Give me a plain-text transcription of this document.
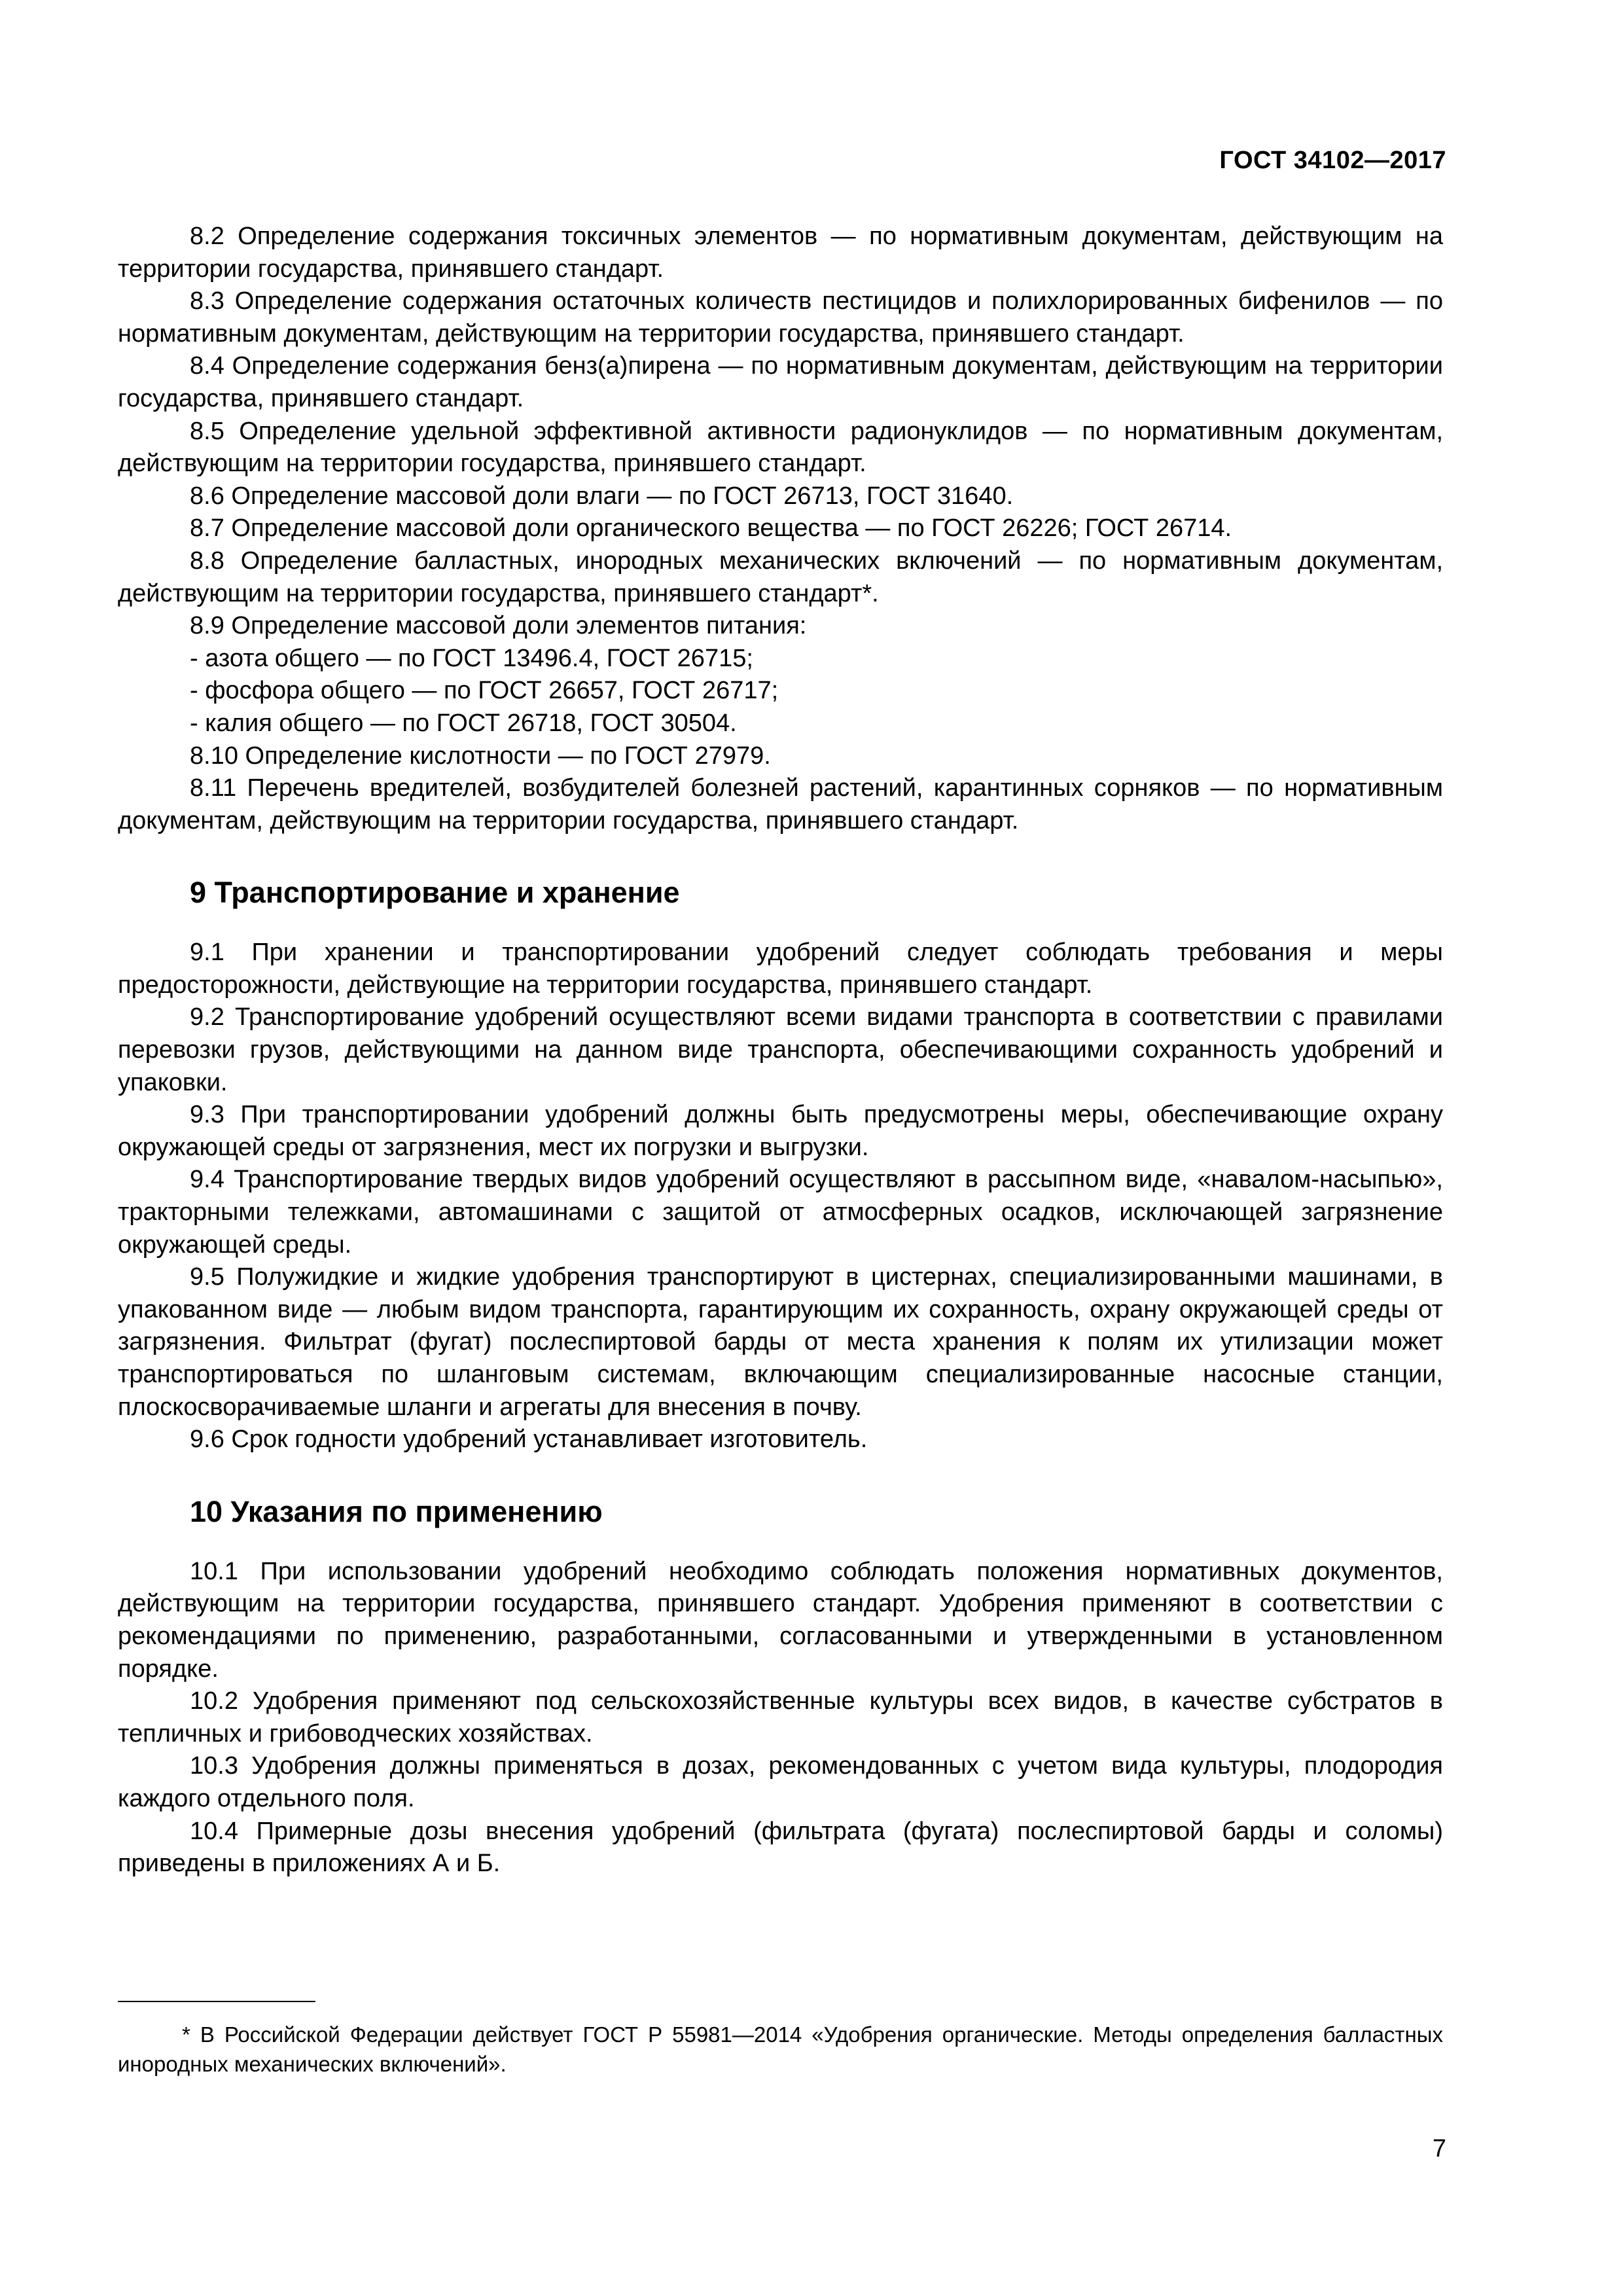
ГОСТ 34102—2017

8.2 Определение содержания токсичных элементов — по нормативным документам, действующим на территории государства, принявшего стандарт.

8.3 Определение содержания остаточных количеств пестицидов и полихлорированных бифенилов — по нормативным документам, действующим на территории государства, принявшего стандарт.

8.4 Определение содержания бенз(а)пирена — по нормативным документам, действующим на территории государства, принявшего стандарт.

8.5 Определение удельной эффективной активности радионуклидов — по нормативным документам, действующим на территории государства, принявшего стандарт.

8.6 Определение массовой доли влаги — по ГОСТ 26713, ГОСТ 31640.

8.7 Определение массовой доли органического вещества — по ГОСТ 26226; ГОСТ 26714.

8.8 Определение балластных, инородных механических включений — по нормативным документам, действующим на территории государства, принявшего стандарт*.

8.9 Определение массовой доли элементов питания:

- азота общего — по ГОСТ 13496.4, ГОСТ 26715;

- фосфора общего — по ГОСТ 26657, ГОСТ 26717;

- калия общего — по ГОСТ 26718, ГОСТ 30504.

8.10 Определение кислотности — по ГОСТ 27979.

8.11 Перечень вредителей, возбудителей болезней растений, карантинных сорняков — по нормативным документам, действующим на территории государства, принявшего стандарт.

9 Транспортирование и хранение

9.1 При хранении и транспортировании удобрений следует соблюдать требования и меры предосторожности, действующие на территории государства, принявшего стандарт.

9.2 Транспортирование удобрений осуществляют всеми видами транспорта в соответствии с правилами перевозки грузов, действующими на данном виде транспорта, обеспечивающими сохранность удобрений и упаковки.

9.3 При транспортировании удобрений должны быть предусмотрены меры, обеспечивающие охрану окружающей среды от загрязнения, мест их погрузки и выгрузки.

9.4 Транспортирование твердых видов удобрений осуществляют в рассыпном виде, «навалом-насыпью», тракторными тележками, автомашинами с защитой от атмосферных осадков, исключающей загрязнение окружающей среды.

9.5 Полужидкие и жидкие удобрения транспортируют в цистернах, специализированными машинами, в упакованном виде — любым видом транспорта, гарантирующим их сохранность, охрану окружающей среды от загрязнения. Фильтрат (фугат) послеспиртовой барды от места хранения к полям их утилизации может транспортироваться по шланговым системам, включающим специализированные насосные станции, плоскосворачиваемые шланги и агрегаты для внесения в почву.

9.6 Срок годности удобрений устанавливает изготовитель.

10 Указания по применению

10.1 При использовании удобрений необходимо соблюдать положения нормативных документов, действующим на территории государства, принявшего стандарт. Удобрения применяют в соответствии с рекомендациями по применению, разработанными, согласованными и утвержденными в установленном порядке.

10.2 Удобрения применяют под сельскохозяйственные культуры всех видов, в качестве субстратов в тепличных и грибоводческих хозяйствах.

10.3 Удобрения должны применяться в дозах, рекомендованных с учетом вида культуры, плодородия каждого отдельного поля.

10.4 Примерные дозы внесения удобрений (фильтрата (фугата) послеспиртовой барды и соломы) приведены в приложениях А и Б.

* В Российской Федерации действует ГОСТ Р 55981—2014 «Удобрения органические. Методы определения балластных инородных механических включений».
7
